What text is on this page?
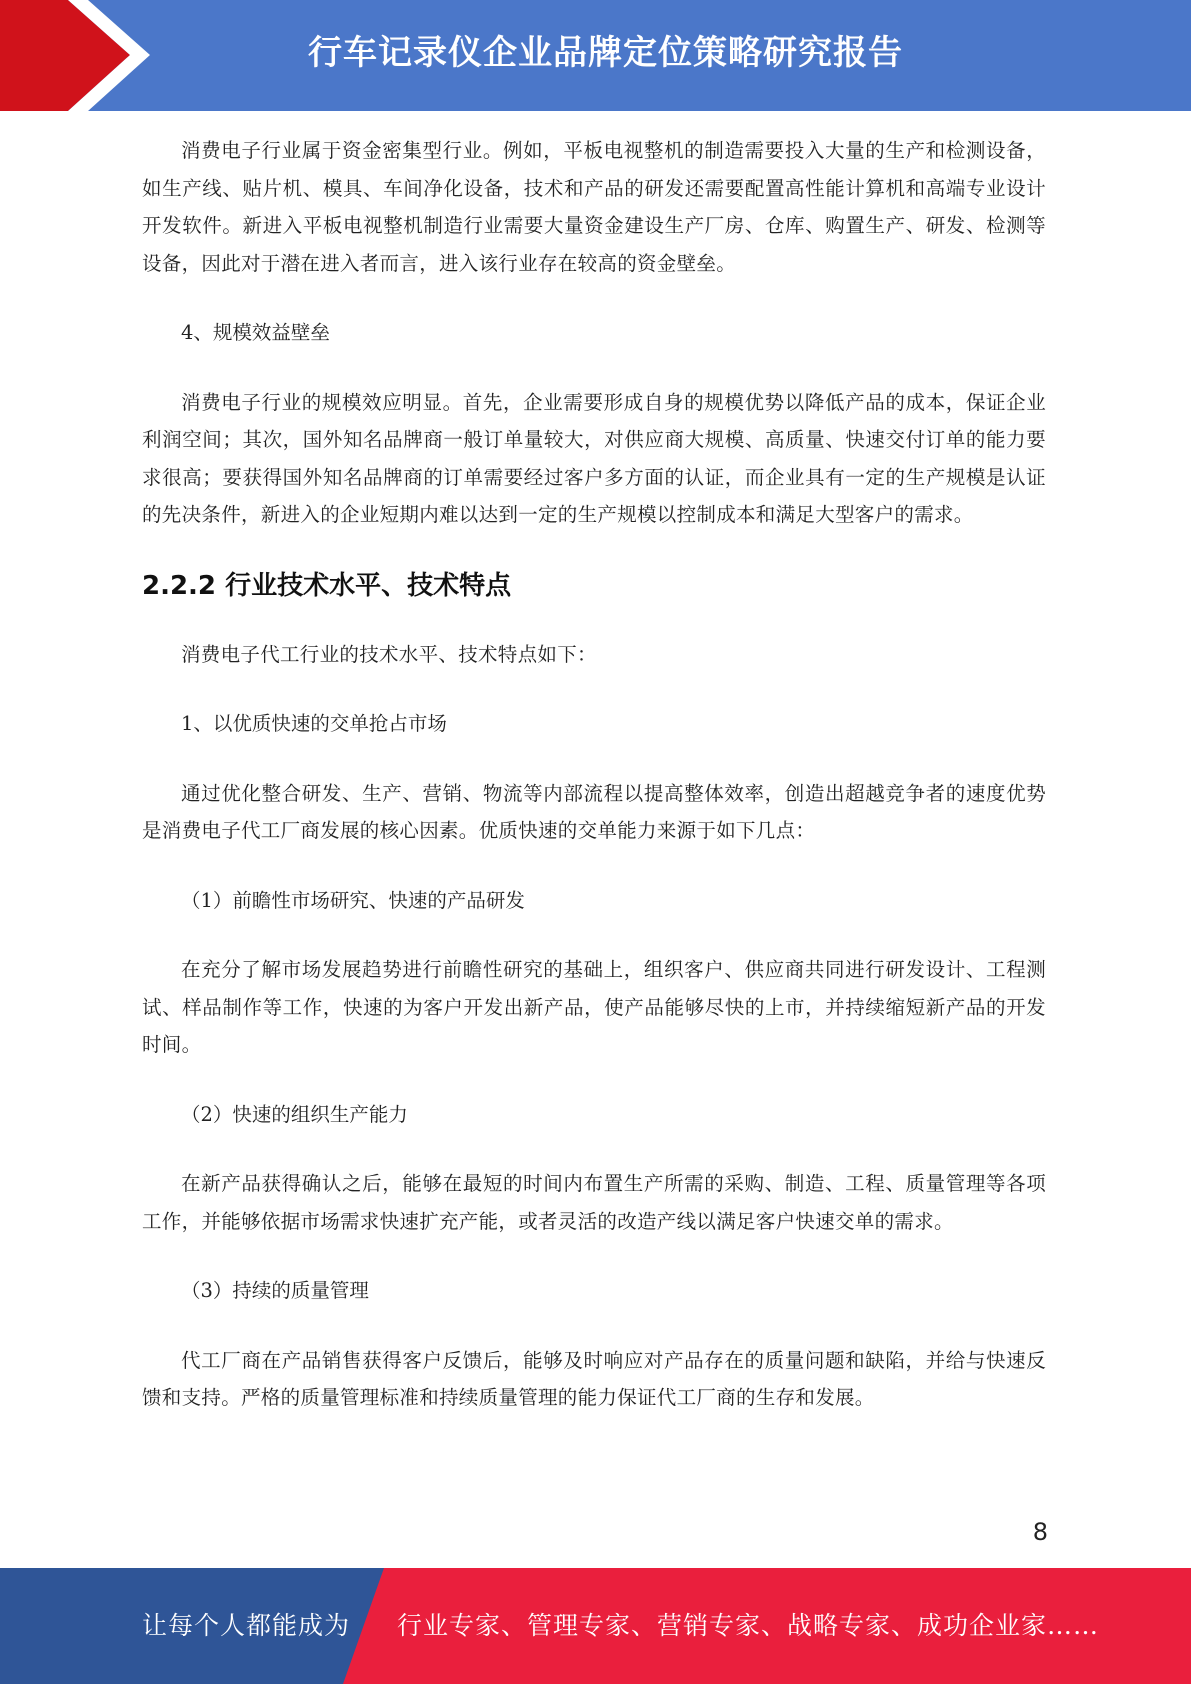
行车记录仪企业品牌定位策略研究报告

消费电子行业属于资金密集型行业。例如，平板电视整机的制造需要投入大量的生产和检测设备，如生产线、贴片机、模具、车间净化设备，技术和产品的研发还需要配置高性能计算机和高端专业设计开发软件。新进入平板电视整机制造行业需要大量资金建设生产厂房、仓库、购置生产、研发、检测等设备，因此对于潜在进入者而言，进入该行业存在较高的资金壁垒。

4、规模效益壁垒

消费电子行业的规模效应明显。首先，企业需要形成自身的规模优势以降低产品的成本，保证企业利润空间；其次，国外知名品牌商一般订单量较大，对供应商大规模、高质量、快速交付订单的能力要求很高；要获得国外知名品牌商的订单需要经过客户多方面的认证，而企业具有一定的生产规模是认证的先决条件，新进入的企业短期内难以达到一定的生产规模以控制成本和满足大型客户的需求。

2.2.2 行业技术水平、技术特点

消费电子代工行业的技术水平、技术特点如下：

1、以优质快速的交单抢占市场

通过优化整合研发、生产、营销、物流等内部流程以提高整体效率，创造出超越竞争者的速度优势是消费电子代工厂商发展的核心因素。优质快速的交单能力来源于如下几点：

（1）前瞻性市场研究、快速的产品研发

在充分了解市场发展趋势进行前瞻性研究的基础上，组织客户、供应商共同进行研发设计、工程测试、样品制作等工作，快速的为客户开发出新产品，使产品能够尽快的上市，并持续缩短新产品的开发时间。

（2）快速的组织生产能力

在新产品获得确认之后，能够在最短的时间内布置生产所需的采购、制造、工程、质量管理等各项工作，并能够依据市场需求快速扩充产能，或者灵活的改造产线以满足客户快速交单的需求。

（3）持续的质量管理

代工厂商在产品销售获得客户反馈后，能够及时响应对产品存在的质量问题和缺陷，并给与快速反馈和支持。严格的质量管理标准和持续质量管理的能力保证代工厂商的生存和发展。

8
让每个人都能成为 行业专家、管理专家、营销专家、战略专家、成功企业家……
